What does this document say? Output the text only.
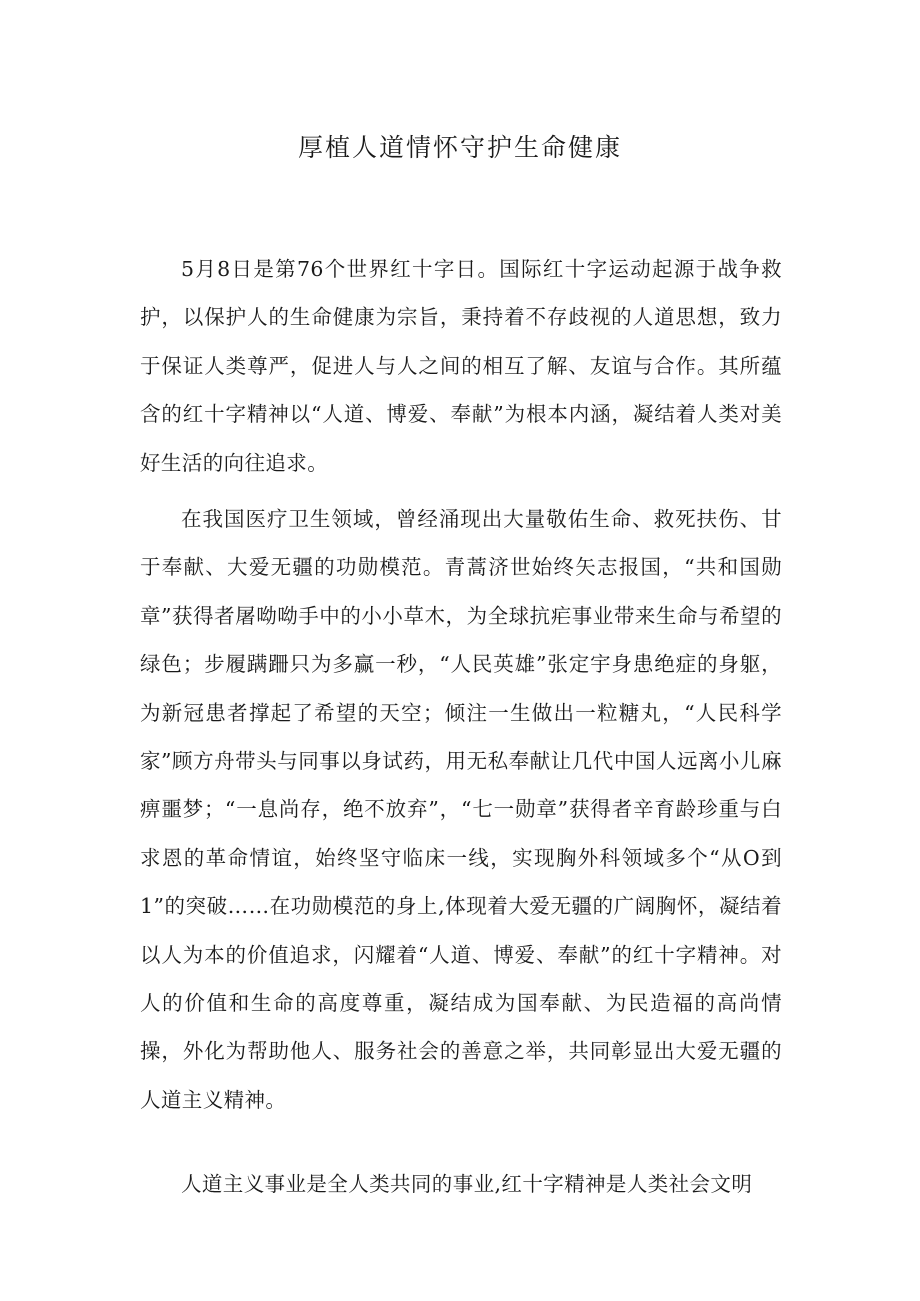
厚植人道情怀守护生命健康

5月8日是第76个世界红十字日。国际红十字运动起源于战争救护，以保护人的生命健康为宗旨，秉持着不存歧视的人道思想，致力于保证人类尊严，促进人与人之间的相互了解、友谊与合作。其所蕴含的红十字精神以“人道、博爱、奉献”为根本内涵，凝结着人类对美好生活的向往追求。

在我国医疗卫生领域，曾经涌现出大量敬佑生命、救死扶伤、甘于奉献、大爱无疆的功勋模范。青蒿济世始终矢志报国，“共和国勋章”获得者屠呦呦手中的小小草木，为全球抗疟事业带来生命与希望的绿色；步履蹒跚只为多赢一秒，“人民英雄”张定宇身患绝症的身躯，为新冠患者撑起了希望的天空；倾注一生做出一粒糖丸，“人民科学家”顾方舟带头与同事以身试药，用无私奉献让几代中国人远离小儿麻痹噩梦；“一息尚存，绝不放弃”，“七一勋章”获得者辛育龄珍重与白求恩的革命情谊，始终坚守临床一线，实现胸外科领域多个“从O到1”的突破……在功勋模范的身上,体现着大爱无疆的广阔胸怀，凝结着以人为本的价值追求，闪耀着“人道、博爱、奉献”的红十字精神。对人的价值和生命的高度尊重，凝结成为国奉献、为民造福的高尚情操，外化为帮助他人、服务社会的善意之举，共同彰显出大爱无疆的人道主义精神。

人道主义事业是全人类共同的事业,红十字精神是人类社会文明
